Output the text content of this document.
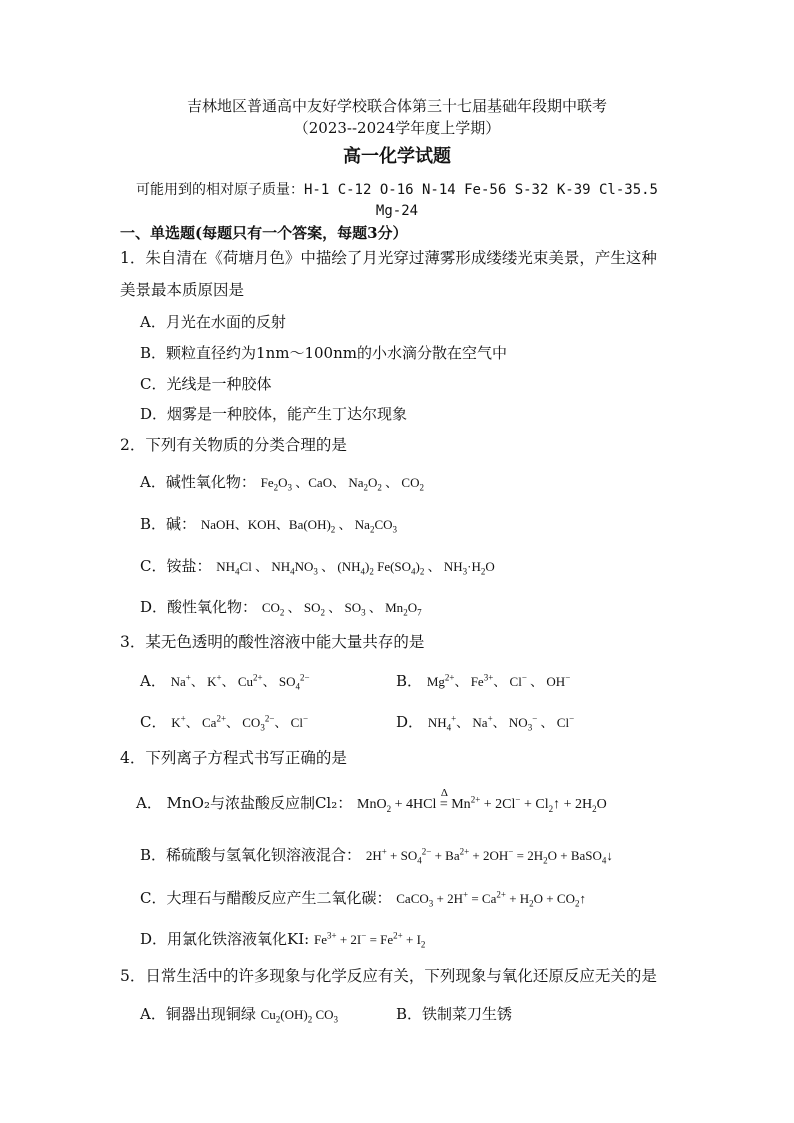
吉林地区普通高中友好学校联合体第三十七届基础年段期中联考
（2023--2024学年度上学期）
高一化学试题
可能用到的相对原子质量：H-1 C-12 O-16 N-14 Fe-56 S-32 K-39 Cl-35.5
Mg-24
一、单选题(每题只有一个答案，每题3分）
1．朱自清在《荷塘月色》中描绘了月光穿过薄雾形成缕缕光束美景，产生这种
美景最本质原因是
A．月光在水面的反射
B．颗粒直径约为1nm～100nm的小水滴分散在空气中
C．光线是一种胶体
D．烟雾是一种胶体，能产生丁达尔现象
2．下列有关物质的分类合理的是
A．碱性氧化物： $Fe_2O_3$ 、CaO、 $Na_2O_2$ 、 $CO_2$
B．碱： NaOH、KOH、$Ba(OH)_2$ 、 $Na_2CO_3$
C．铵盐： $NH_4Cl$ 、 $NH_4NO_3$ 、 $(NH_4)_2$ $Fe(SO_4)_2$ 、 $NH_3\cdot H_2O$
D．酸性氧化物： $CO_2$ 、 $SO_2$ 、 $SO_3$ 、 $Mn_2O_7$
3．某无色透明的酸性溶液中能大量共存的是
A． Na+、 K+、 $Cu^{2+}$、 $SO_4^{2-}$	B． $Mg^{2+}$、 $Fe^{3+}$、 Cl− 、 OH−
C． K+、 $Ca^{2+}$、 $CO_3^{2-}$、 Cl−	D． $NH_4^+$、 Na+、 $NO_3^-$ 、 Cl−
4．下列离子方程式书写正确的是
A． MnO₂与浓盐酸反应制Cl₂： MnO$_2$ + 4HCl
Δ
= $Mn^{2+} + 2Cl^-$ + $Cl_2↑ + 2H_2O$
B．稀硫酸与氢氧化钡溶液混合： $2H^+ + SO_4^{2-} + Ba^{2+} + 2OH^- = 2H_2O$ + BaSO$_4$↓
C．大理石与醋酸反应产生二氧化碳： CaCO$_3$ + $2H^+ = Ca^{2+} + H_2O$ + $CO_2↑$
D．用氯化铁溶液氧化KI: $Fe^{3+} + 2I^- = Fe^{2+} + I_2$
5．日常生活中的许多现象与化学反应有关，下列现象与氧化还原反应无关的是
A．铜器出现铜绿 $Cu_2(OH)_2$ $CO_3$	B．铁制菜刀生锈
